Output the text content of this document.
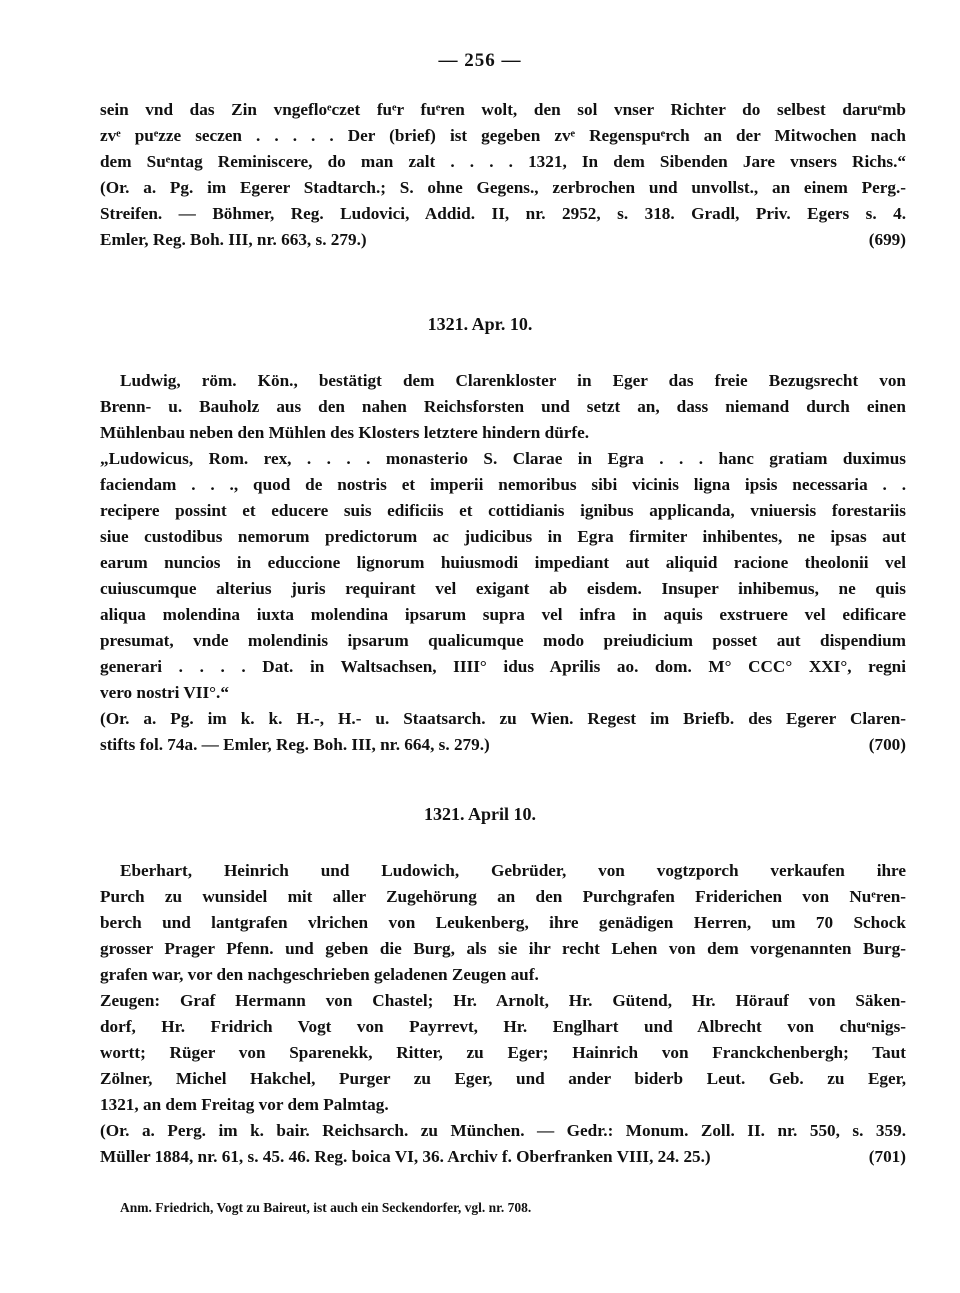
— 256 —
sein vnd das Zin vngefloᵉczet fuᵉr fuᵉren wolt, den sol vnser Richter do selbest daruᵉmb
zvᵉ puᵉzze seczen . . . . . Der (brief) ist gegeben zvᵉ Regenspuᵉrch an der Mitwochen nach
dem Suᵉntag Reminiscere, do man zalt . . . . 1321, In dem Sibenden Jare vnsers Richs.“
(Or. a. Pg. im Egerer Stadtarch.; S. ohne Gegens., zerbrochen und unvollst., an einem Perg.-
Streifen. — Böhmer, Reg. Ludovici, Addid. II, nr. 2952, s. 318. Gradl, Priv. Egers s. 4.
Emler, Reg. Boh. III, nr. 663, s. 279.)	(699)
1321. Apr. 10.
Ludwig, röm. Kön., bestätigt dem Clarenkloster in Eger das freie Bezugsrecht von
Brenn- u. Bauholz aus den nahen Reichsforsten und setzt an, dass niemand durch einen
Mühlenbau neben den Mühlen des Klosters letztere hindern dürfe.
„Ludowicus, Rom. rex, . . . . monasterio S. Clarae in Egra . . . hanc gratiam duximus
faciendam . . ., quod de nostris et imperii nemoribus sibi vicinis ligna ipsis necessaria . .
recipere possint et educere suis edificiis et cottidianis ignibus applicanda, vniuersis forestariis
siue custodibus nemorum predictorum ac judicibus in Egra firmiter inhibentes, ne ipsas aut
earum nuncios in educcione lignorum huiusmodi impediant aut aliquid racione theolonii vel
cuiuscumque alterius juris requirant vel exigant ab eisdem. Insuper inhibemus, ne quis
aliqua molendina iuxta molendina ipsarum supra vel infra in aquis exstruere vel edificare
presumat, vnde molendinis ipsarum qualicumque modo preiudicium posset aut dispendium
generari . . . . Dat. in Waltsachsen, IIII° idus Aprilis ao. dom. M° CCC° XXI°, regni
vero nostri VII°.“
(Or. a. Pg. im k. k. H.-, H.- u. Staatsarch. zu Wien. Regest im Briefb. des Egerer Claren-
stifts fol. 74a. — Emler, Reg. Boh. III, nr. 664, s. 279.)	(700)
1321. April 10.
Eberhart, Heinrich und Ludowich, Gebrüder, von vogtzporch verkaufen ihre
Purch zu wunsidel mit aller Zugehörung an den Purchgrafen Friderichen von Nuᵉren-
berch und lantgrafen vlrichen von Leukenberg, ihre genädigen Herren, um 70 Schock
grosser Prager Pfenn. und geben die Burg, als sie ihr recht Lehen von dem vorgenannten Burg-
grafen war, vor den nachgeschrieben geladenen Zeugen auf.
Zeugen: Graf Hermann von Chastel; Hr. Arnolt, Hr. Gütend, Hr. Hörauf von Säken-
dorf, Hr. Fridrich Vogt von Payrrevt, Hr. Englhart und Albrecht von chuᵉnigs-
wortt; Rüger von Sparenekk, Ritter, zu Eger; Hainrich von Franckchenbergh; Taut
Zölner, Michel Hakchel, Purger zu Eger, und ander biderb Leut. Geb. zu Eger,
1321, an dem Freitag vor dem Palmtag.
(Or. a. Perg. im k. bair. Reichsarch. zu München. — Gedr.: Monum. Zoll. II. nr. 550, s. 359.
Müller 1884, nr. 61, s. 45. 46. Reg. boica VI, 36. Archiv f. Oberfranken VIII, 24. 25.)	(701)
Anm. Friedrich, Vogt zu Baireut, ist auch ein Seckendorfer, vgl. nr. 708.
